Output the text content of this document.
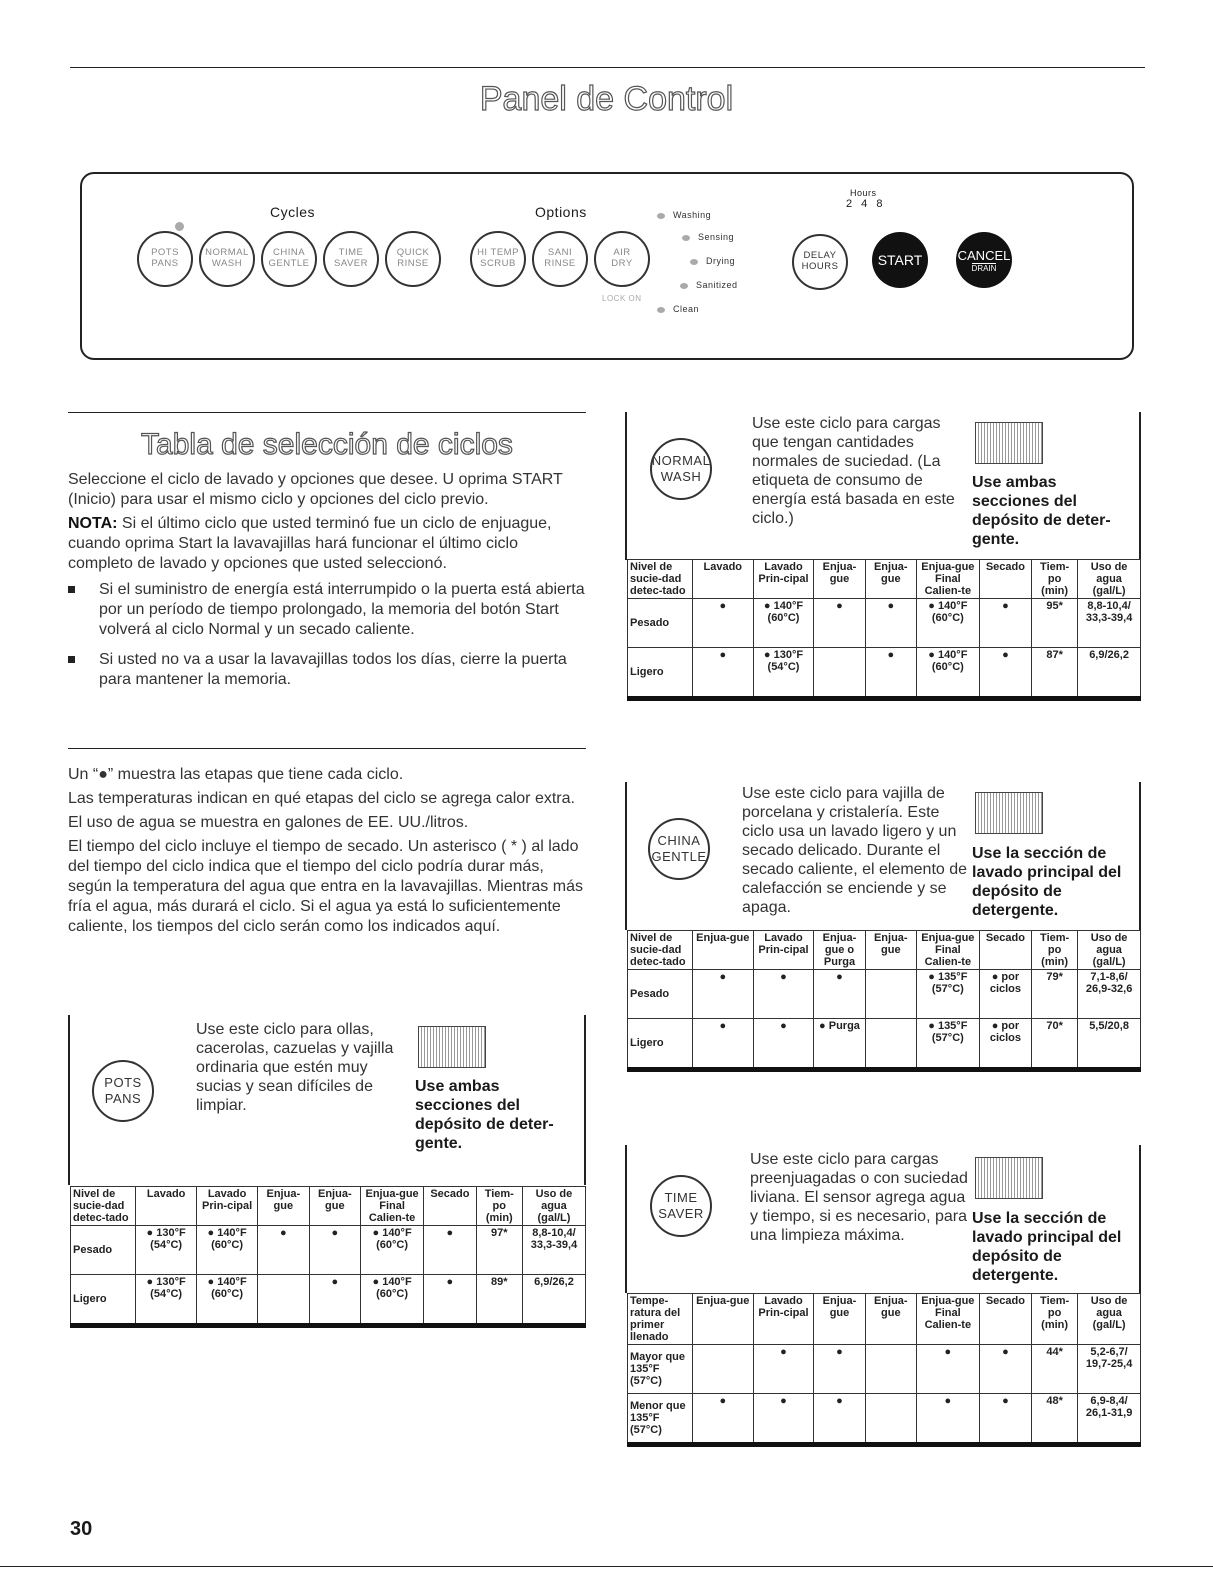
Panel de Control
Cycles	Options
Hours
2 4 8
POTS
PANS
NORMAL
WASH
CHINA
GENTLE
TIME
SAVER
QUICK
RINSE
HI TEMP
SCRUB
SANI
RINSE
AIR
DRY
LOCK ON
Washing
Sensing
Drying
Sanitized
Clean
DELAY
HOURS	START	CANCEL
DRAIN
Tabla de selección de ciclos

Seleccione el ciclo de lavado y opciones que desee. U oprima START (Inicio) para usar el mismo ciclo y opciones del ciclo previo.

NOTA: Si el último ciclo que usted terminó fue un ciclo de enjuague, cuando oprima Start la lavavajillas hará funcionar el último ciclo completo de lavado y opciones que usted seleccionó.

Si el suministro de energía está interrumpido o la puerta está abierta por un período de tiempo prolongado, la memoria del botón Start volverá al ciclo Normal y un secado caliente.
Si usted no va a usar la lavavajillas todos los días, cierre la puerta para mantener la memoria.

Un “●” muestra las etapas que tiene cada ciclo.

Las temperaturas indican en qué etapas del ciclo se agrega calor extra.

El uso de agua se muestra en galones de EE. UU./litros.

El tiempo del ciclo incluye el tiempo de secado. Un asterisco ( * ) al lado del tiempo del ciclo indica que el tiempo del ciclo podría durar más, según la temperatura del agua que entra en la lavavajillas. Mientras más fría el agua, más durará el ciclo. Si el agua ya está lo suficientemente caliente, los tiempos del ciclo serán como los indicados aquí.

POTS
PANS
Use este ciclo para ollas, cacerolas, cazuelas y vajilla ordinaria que estén muy sucias y sean difíciles de limpiar.
Use ambas secciones del depósito de deter-gente.
Nivel de sucie-dad detec-tado	Lavado	Lavado Prin-cipal	Enjua-gue	Enjua-gue	Enjua-gue Final Calien-te	Secado	Tiem-po (min)	Uso de agua (gal/L)
Pesado	● 130°F (54°C)	● 140°F (60°C)	●	●	● 140°F (60°C)	●	97*	8,8-10,4/ 33,3-39,4
Ligero	● 130°F (54°C)	● 140°F (60°C)		●	● 140°F (60°C)	●	89*	6,9/26,2
NORMAL
WASH
Use este ciclo para cargas que tengan cantidades normales de suciedad. (La etiqueta de consumo de energía está basada en este ciclo.)
Use ambas secciones del depósito de deter-gente.
Nivel de sucie-dad detec-tado	Lavado	Lavado Prin-cipal	Enjua-gue	Enjua-gue	Enjua-gue Final Calien-te	Secado	Tiem-po (min)	Uso de agua (gal/L)
Pesado	●	● 140°F (60°C)	●	●	● 140°F (60°C)	●	95*	8,8-10,4/ 33,3-39,4
Ligero	●	● 130°F (54°C)		●	● 140°F (60°C)	●	87*	6,9/26,2
CHINA
GENTLE
Use este ciclo para vajilla de porcelana y cristalería. Este ciclo usa un lavado ligero y un secado delicado. Durante el secado caliente, el elemento de calefacción se enciende y se apaga.
Use la sección de lavado principal del depósito de detergente.
Nivel de sucie-dad detec-tado	Enjua-gue	Lavado Prin-cipal	Enjua-gue o Purga	Enjua-gue	Enjua-gue Final Calien-te	Secado	Tiem-po (min)	Uso de agua (gal/L)
Pesado	●	●	●		● 135°F (57°C)	● por ciclos	79*	7,1-8,6/ 26,9-32,6
Ligero	●	●	● Purga		● 135°F (57°C)	● por ciclos	70*	5,5/20,8
TIME
SAVER
Use este ciclo para cargas preenjuagadas o con suciedad liviana. El sensor agrega agua y tiempo, si es necesario, para una limpieza máxima.
Use la sección de lavado principal del depósito de detergente.
Tempe-ratura del primer llenado	Enjua-gue	Lavado Prin-cipal	Enjua-gue	Enjua-gue	Enjua-gue Final Calien-te	Secado	Tiem-po (min)	Uso de agua (gal/L)
Mayor que 135°F (57°C)		●	●		●	●	44*	5,2-6,7/ 19,7-25,4
Menor que 135°F (57°C)	●	●	●		●	●	48*	6,9-8,4/ 26,1-31,9
30
